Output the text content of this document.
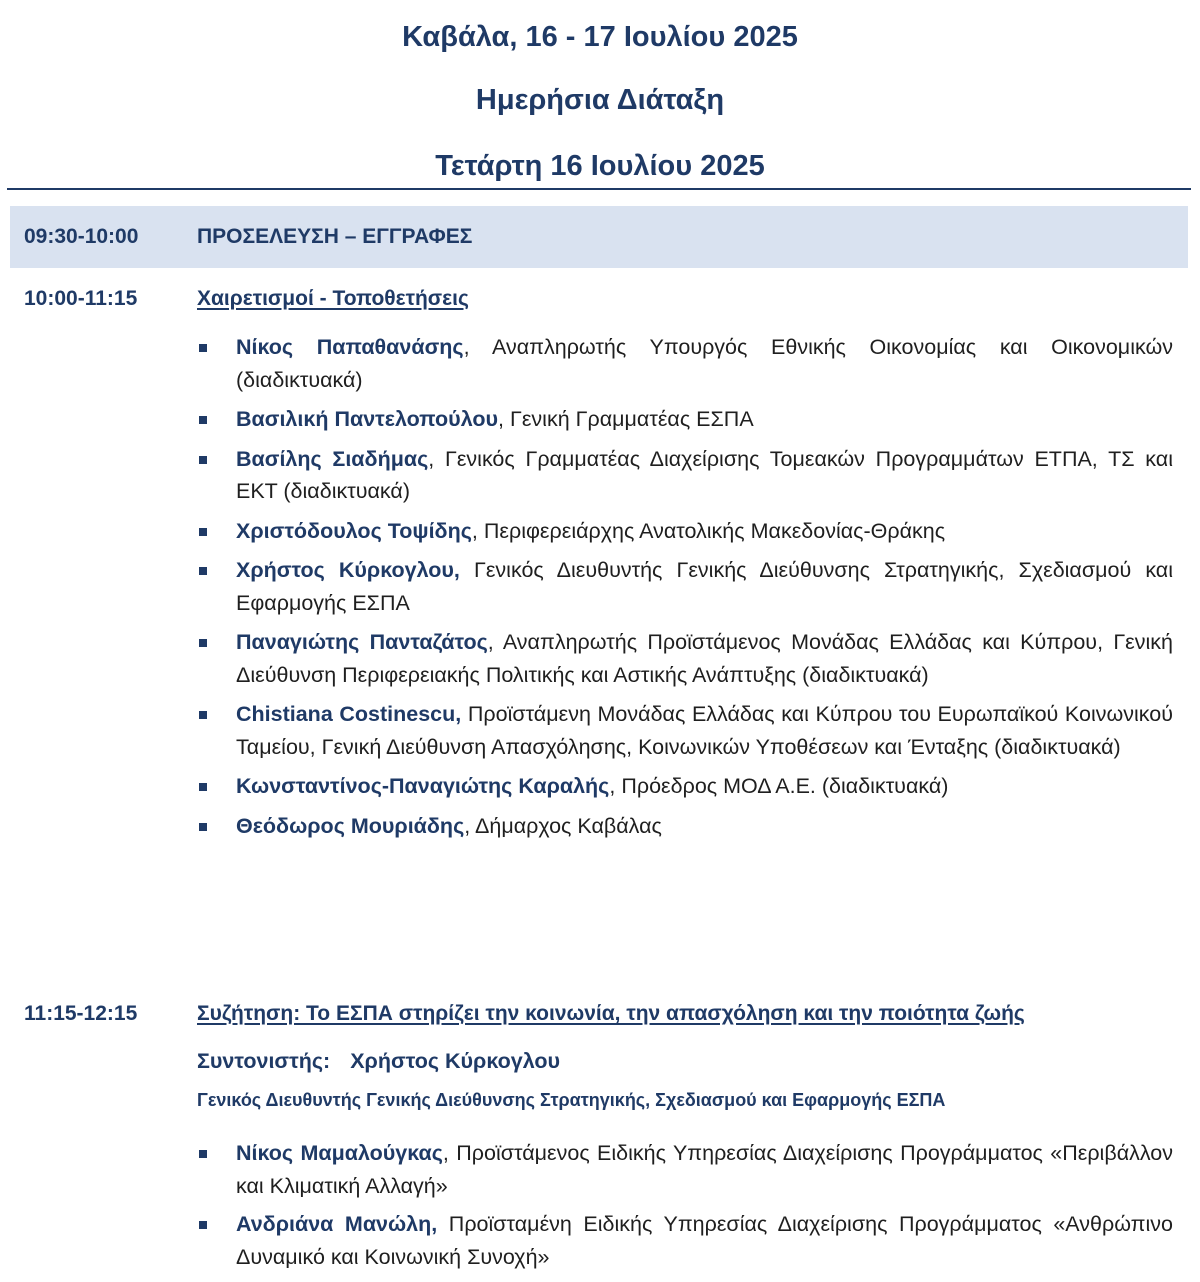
Καβάλα, 16 - 17 Ιουλίου 2025
Ημερήσια Διάταξη
Τετάρτη 16 Ιουλίου 2025
09:30-10:00	ΠΡΟΣΕΛΕΥΣΗ – ΕΓΓΡΑΦΕΣ
10:00-11:15	Χαιρετισμοί - Τοποθετήσεις
Νίκος Παπαθανάσης, Αναπληρωτής Υπουργός Εθνικής Οικονομίας και Οικονομικών (διαδικτυακά)
Βασιλική Παντελοπούλου, Γενική Γραμματέας ΕΣΠΑ
Βασίλης Σιαδήμας, Γενικός Γραμματέας Διαχείρισης Τομεακών Προγραμμάτων ΕΤΠΑ, ΤΣ και ΕΚΤ (διαδικτυακά)
Χριστόδουλος Τοψίδης, Περιφερειάρχης Ανατολικής Μακεδονίας-Θράκης
Χρήστος Κύρκογλου, Γενικός Διευθυντής Γενικής Διεύθυνσης Στρατηγικής, Σχεδιασμού και Εφαρμογής ΕΣΠΑ
Παναγιώτης Πανταζάτος, Αναπληρωτής Προϊστάμενος Μονάδας Ελλάδας και Κύπρου, Γενική Διεύθυνση Περιφερειακής Πολιτικής και Αστικής Ανάπτυξης (διαδικτυακά)
Chistiana Costinescu, Προϊστάμενη Μονάδας Ελλάδας και Κύπρου του Ευρωπαϊκού Κοινωνικού Ταμείου, Γενική Διεύθυνση Απασχόλησης, Κοινωνικών Υποθέσεων και Ένταξης (διαδικτυακά)
Κωνσταντίνος-Παναγιώτης Καραλής, Πρόεδρος ΜΟΔ Α.Ε. (διαδικτυακά)
Θεόδωρος Μουριάδης, Δήμαρχος Καβάλας
11:15-12:15	Συζήτηση: Το ΕΣΠΑ στηρίζει την κοινωνία, την απασχόληση και την ποιότητα ζωής
Συντονιστής: Χρήστος Κύρκογλου
Γενικός Διευθυντής Γενικής Διεύθυνσης Στρατηγικής, Σχεδιασμού και Εφαρμογής ΕΣΠΑ
Νίκος Μαμαλούγκας, Προϊστάμενος Ειδικής Υπηρεσίας Διαχείρισης Προγράμματος «Περιβάλλον και Κλιματική Αλλαγή»
Ανδριάνα Μανώλη, Προϊσταμένη Ειδικής Υπηρεσίας Διαχείρισης Προγράμματος «Ανθρώπινο Δυναμικό και Κοινωνική Συνοχή»
